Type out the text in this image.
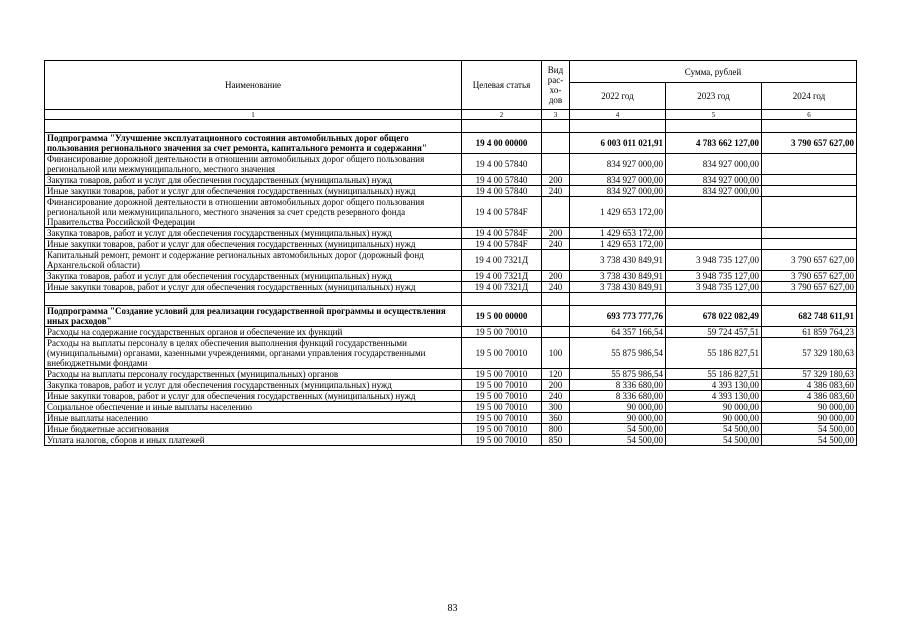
Наименование	Целевая статья	Вид рас-хо-дов	Сумма, рублей		
			2022 год	2023 год	2024 год
1	2	3	4	5	6

Подпрограмма "Улучшение эксплуатационного состояния автомобильных дорог общего пользования регионального значения за счет ремонта, капитального ремонта и содержания"	19 4 00 00000		6 003 011 021,91	4 783 662 127,00	3 790 657 627,00
Финансирование дорожной деятельности в отношении автомобильных дорог общего пользования региональной или межмуниципального, местного значения	19 4 00 57840		834 927 000,00	834 927 000,00	
Закупка товаров, работ и услуг для обеспечения государственных (муниципальных) нужд	19 4 00 57840	200	834 927 000,00	834 927 000,00	
Иные закупки товаров, работ и услуг для обеспечения государственных (муниципальных) нужд	19 4 00 57840	240	834 927 000,00	834 927 000,00	
Финансирование дорожной деятельности в отношении автомобильных дорог общего пользования региональной или межмуниципального, местного значения за счет средств резервного фонда Правительства Российской Федерации	19 4 00 5784F		1 429 653 172,00		
Закупка товаров, работ и услуг для обеспечения государственных (муниципальных) нужд	19 4 00 5784F	200	1 429 653 172,00		
Иные закупки товаров, работ и услуг для обеспечения государственных (муниципальных) нужд	19 4 00 5784F	240	1 429 653 172,00		
Капитальный ремонт, ремонт и содержание региональных автомобильных дорог (дорожный фонд Архангельской области)	19 4 00 7321Д		3 738 430 849,91	3 948 735 127,00	3 790 657 627,00
Закупка товаров, работ и услуг для обеспечения государственных (муниципальных) нужд	19 4 00 7321Д	200	3 738 430 849,91	3 948 735 127,00	3 790 657 627,00
Иные закупки товаров, работ и услуг для обеспечения государственных (муниципальных) нужд	19 4 00 7321Д	240	3 738 430 849,91	3 948 735 127,00	3 790 657 627,00

Подпрограмма "Создание условий для реализации государственной программы и осуществления иных расходов"	19 5 00 00000		693 773 777,76	678 022 082,49	682 748 611,91
Расходы на содержание государственных органов и обеспечение их функций	19 5 00 70010		64 357 166,54	59 724 457,51	61 859 764,23
Расходы на выплаты персоналу в целях обеспечения выполнения функций государственными (муниципальными) органами, казенными учреждениями, органами управления государственными внебюджетными фондами	19 5 00 70010	100	55 875 986,54	55 186 827,51	57 329 180,63
Расходы на выплаты персоналу государственных (муниципальных) органов	19 5 00 70010	120	55 875 986,54	55 186 827,51	57 329 180,63
Закупка товаров, работ и услуг для обеспечения государственных (муниципальных) нужд	19 5 00 70010	200	8 336 680,00	4 393 130,00	4 386 083,60
Иные закупки товаров, работ и услуг для обеспечения государственных (муниципальных) нужд	19 5 00 70010	240	8 336 680,00	4 393 130,00	4 386 083,60
Социальное обеспечение и иные выплаты населению	19 5 00 70010	300	90 000,00	90 000,00	90 000,00
Иные выплаты населению	19 5 00 70010	360	90 000,00	90 000,00	90 000,00
Иные бюджетные ассигнования	19 5 00 70010	800	54 500,00	54 500,00	54 500,00
Уплата налогов, сборов и иных платежей	19 5 00 70010	850	54 500,00	54 500,00	54 500,00
83
